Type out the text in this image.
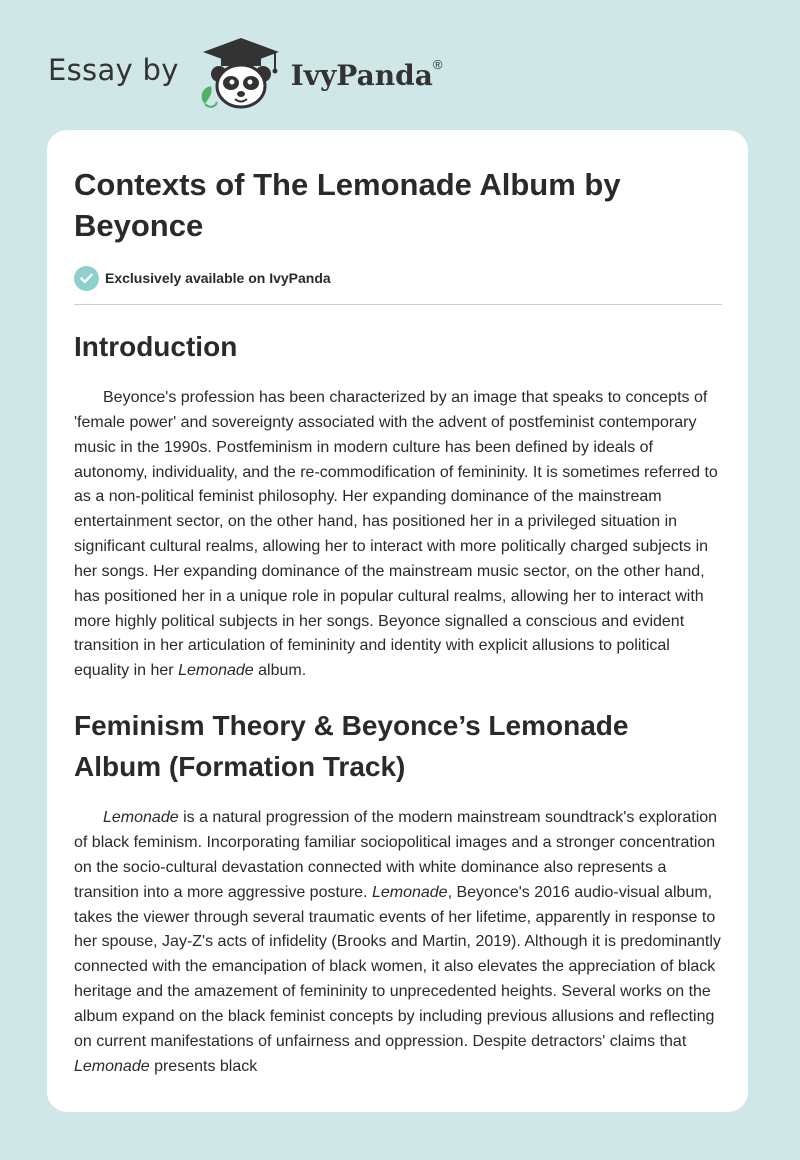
Essay by	IvyPanda®
Contexts of The Lemonade Album by Beyonce
Exclusively available on IvyPanda
Introduction

Beyonce's profession has been characterized by an image that speaks to concepts of 'female power' and sovereignty associated with the advent of postfeminist contemporary music in the 1990s. Postfeminism in modern culture has been defined by ideals of autonomy, individuality, and the re-commodification of femininity. It is sometimes referred to as a non-political feminist philosophy. Her expanding dominance of the mainstream entertainment sector, on the other hand, has positioned her in a privileged situation in significant cultural realms, allowing her to interact with more politically charged subjects in her songs. Her expanding dominance of the mainstream music sector, on the other hand, has positioned her in a unique role in popular cultural realms, allowing her to interact with more highly political subjects in her songs. Beyonce signalled a conscious and evident transition in her articulation of femininity and identity with explicit allusions to political equality in her Lemonade album.

Feminism Theory & Beyonce’s Lemonade Album (Formation Track)

Lemonade is a natural progression of the modern mainstream soundtrack's exploration of black feminism. Incorporating familiar sociopolitical images and a stronger concentration on the socio-cultural devastation connected with white dominance also represents a transition into a more aggressive posture. Lemonade, Beyonce's 2016 audio-visual album, takes the viewer through several traumatic events of her lifetime, apparently in response to her spouse, Jay-Z's acts of infidelity (Brooks and Martin, 2019). Although it is predominantly connected with the emancipation of black women, it also elevates the appreciation of black heritage and the amazement of femininity to unprecedented heights. Several works on the album expand on the black feminist concepts by including previous allusions and reflecting on current manifestations of unfairness and oppression. Despite detractors' claims that Lemonade presents black
